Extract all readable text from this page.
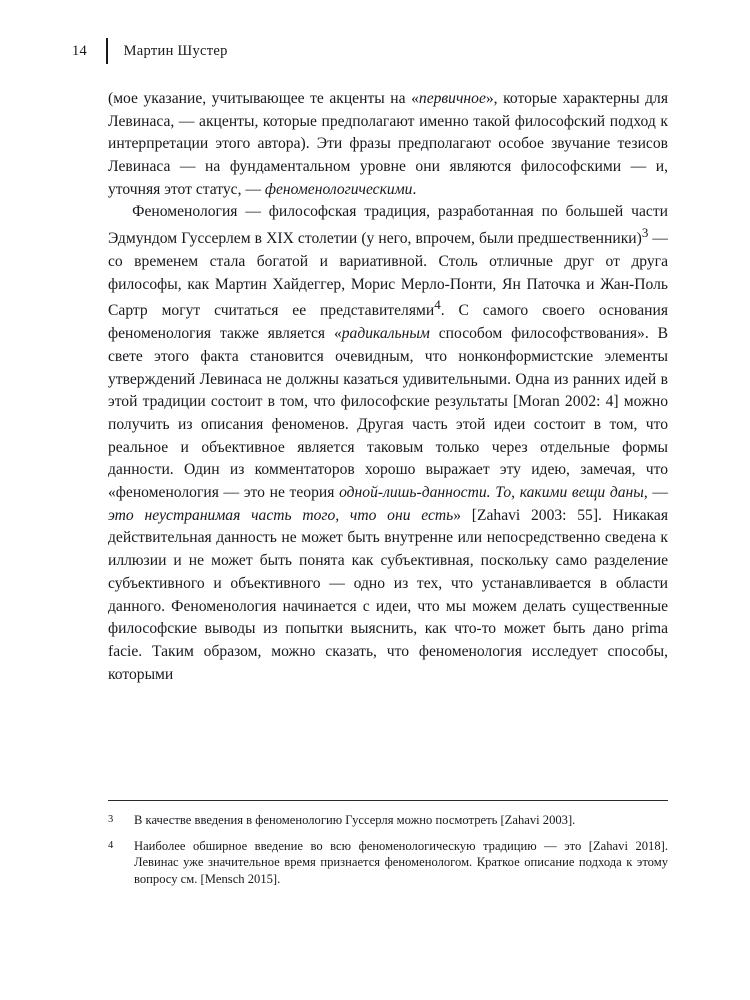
14	Мартин Шустер

(мое указание, учитывающее те акценты на «первичное», которые характерны для Левинаса, — акценты, которые предполагают именно такой философский подход к интерпретации этого автора). Эти фразы предполагают особое звучание тезисов Левинаса — на фундаментальном уровне они являются философскими — и, уточняя этот статус, — феноменологическими.

Феноменология — философская традиция, разработанная по большей части Эдмундом Гуссерлем в XIX столетии (у него, впрочем, были предшественники)$^3$ — со временем стала богатой и вариативной. Столь отличные друг от друга философы, как Мартин Хайдеггер, Морис Мерло-Понти, Ян Паточка и Жан-Поль Сартр могут считаться ее представителями$^4$. С самого своего основания феноменология также является «радикальным способом философствования». В свете этого факта становится очевидным, что нонконформистские элементы утверждений Левинаса не должны казаться удивительными. Одна из ранних идей в этой традиции состоит в том, что философские результаты [Moran 2002: 4] можно получить из описания феноменов. Другая часть этой идеи состоит в том, что реальное и объективное является таковым только через отдельные формы данности. Один из комментаторов хорошо выражает эту идею, замечая, что «феноменология — это не теория одной-лишь-данности. То, какими вещи даны, — это неустранимая часть того, что они есть» [Zahavi 2003: 55]. Никакая действительная данность не может быть внутренне или непосредственно сведена к иллюзии и не может быть понята как субъективная, поскольку само разделение субъективного и объективного — одно из тех, что устанавливается в области данного. Феноменология начинается с идеи, что мы можем делать существенные философские выводы из попытки выяснить, как что-то может быть дано prima facie. Таким образом, можно сказать, что феноменология исследует способы, которыми

3	В качестве введения в феноменологию Гуссерля можно посмотреть [Zahavi 2003].
4	Наиболее обширное введение во всю феноменологическую традицию — это [Zahavi 2018]. Левинас уже значительное время признается феноменологом. Краткое описание подхода к этому вопросу см. [Mensch 2015].
